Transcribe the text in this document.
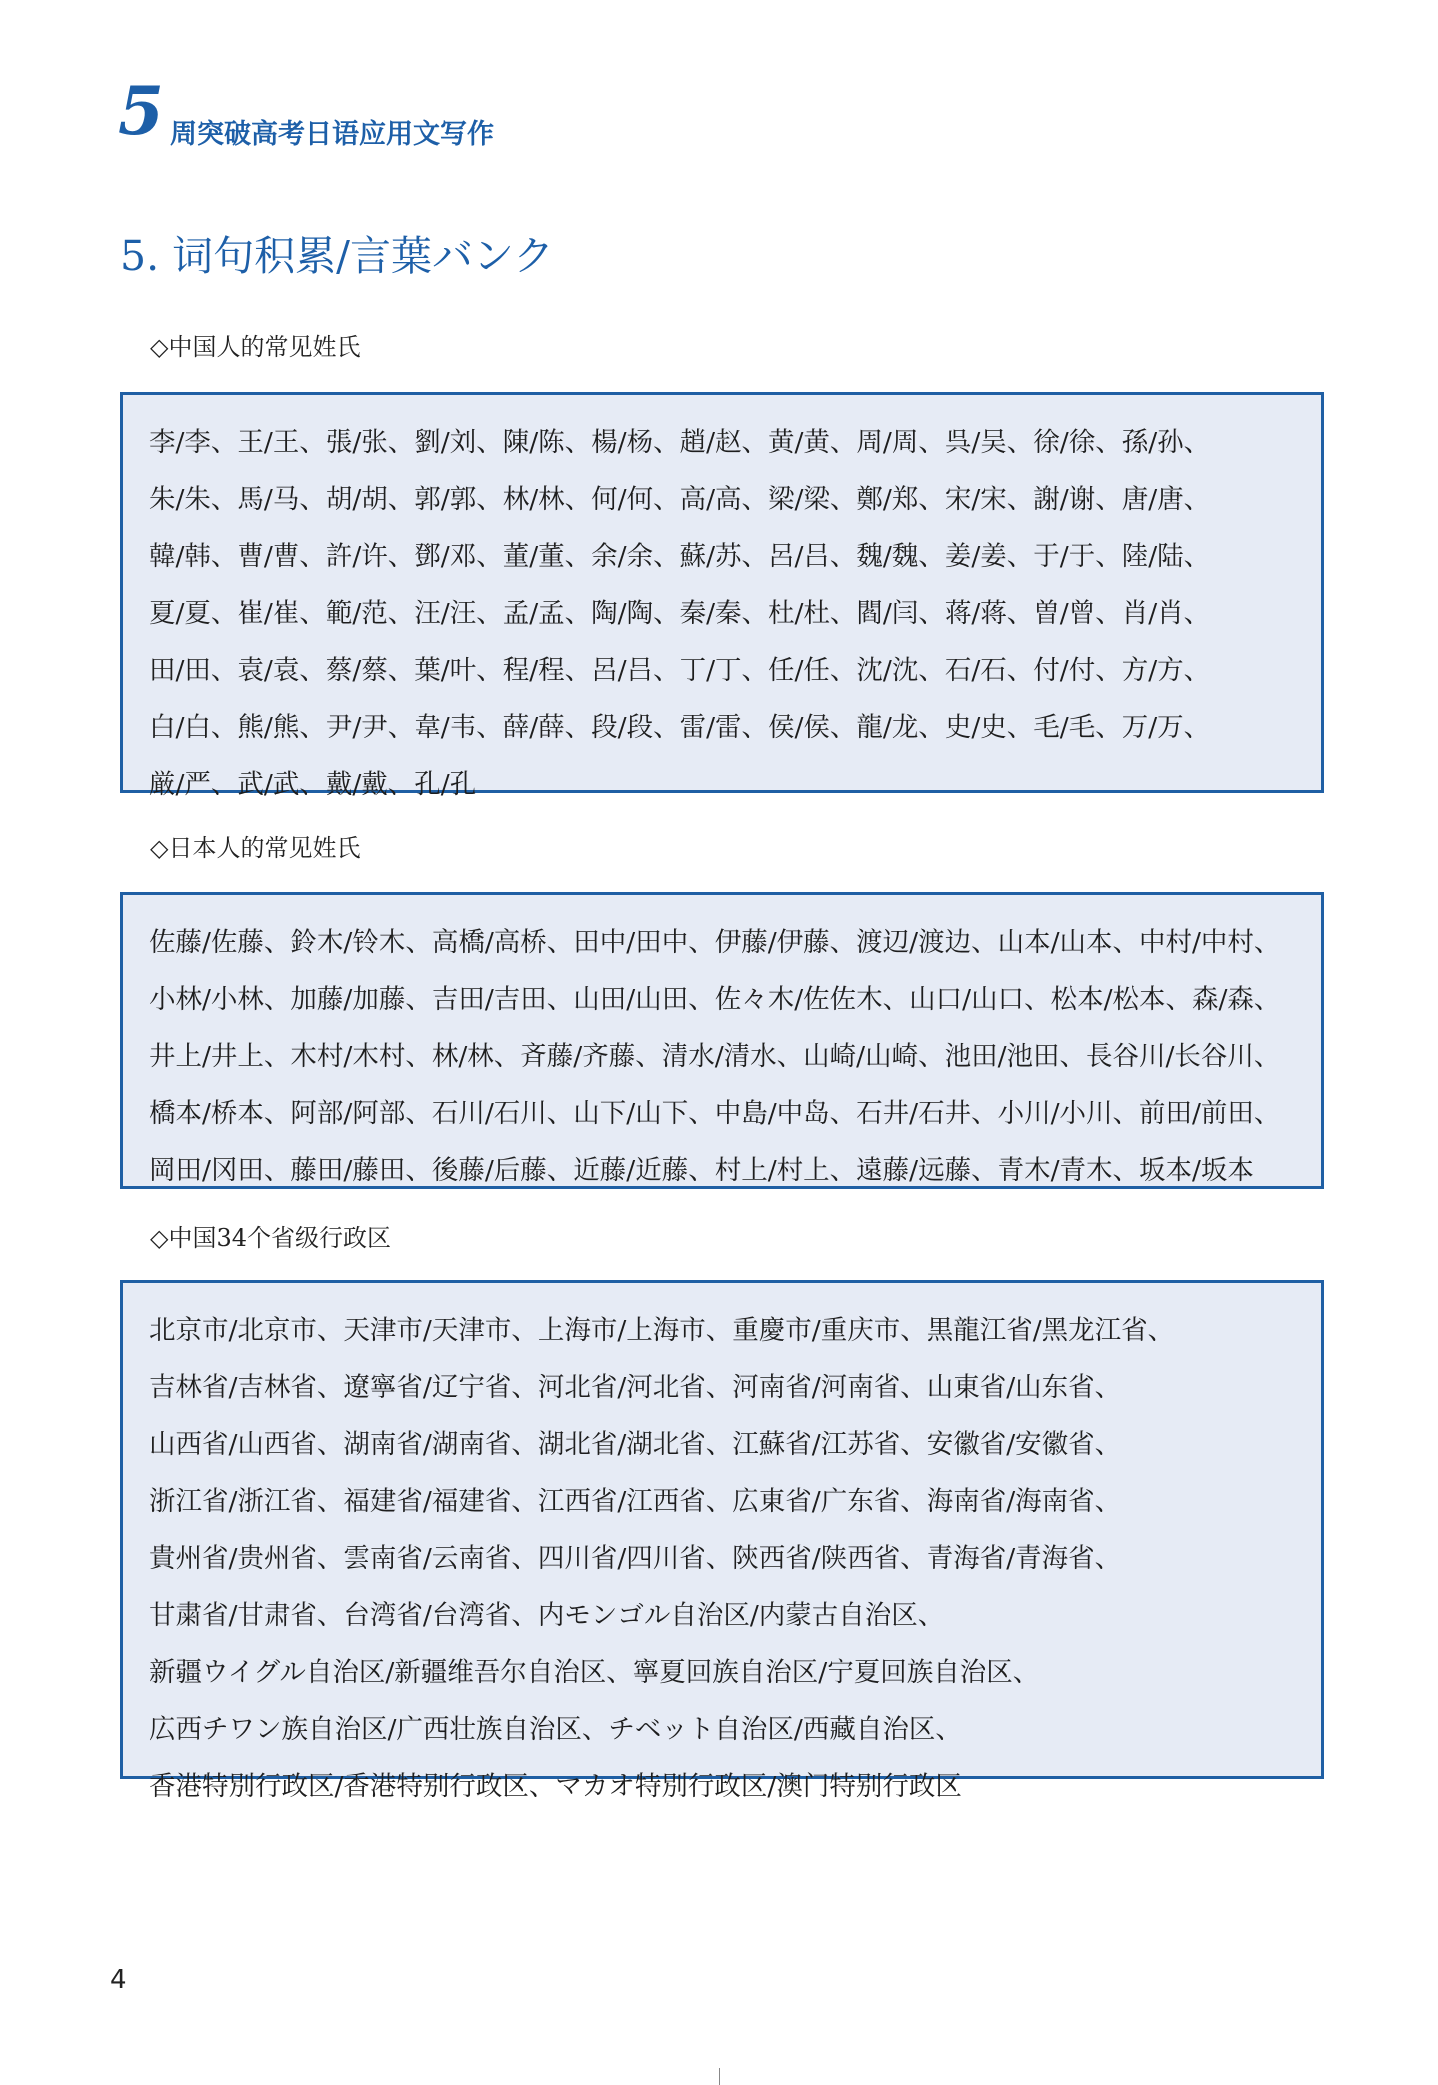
5 周突破高考日语应用文写作
5. 词句积累/言葉バンク
◇中国人的常见姓氏
李/李、王/王、張/张、劉/刘、陳/陈、楊/杨、趙/赵、黄/黄、周/周、呉/吴、徐/徐、孫/孙、
朱/朱、馬/马、胡/胡、郭/郭、林/林、何/何、高/高、梁/梁、鄭/郑、宋/宋、謝/谢、唐/唐、
韓/韩、曹/曹、許/许、鄧/邓、董/董、余/余、蘇/苏、呂/吕、魏/魏、姜/姜、于/于、陸/陆、
夏/夏、崔/崔、範/范、汪/汪、孟/孟、陶/陶、秦/秦、杜/杜、閻/闫、蒋/蒋、曽/曾、肖/肖、
田/田、袁/袁、蔡/蔡、葉/叶、程/程、呂/吕、丁/丁、任/任、沈/沈、石/石、付/付、方/方、
白/白、熊/熊、尹/尹、韋/韦、薛/薛、段/段、雷/雷、侯/侯、龍/龙、史/史、毛/毛、万/万、
厳/严、武/武、戴/戴、孔/孔
◇日本人的常见姓氏
佐藤/佐藤、鈴木/铃木、高橋/高桥、田中/田中、伊藤/伊藤、渡辺/渡边、山本/山本、中村/中村、
小林/小林、加藤/加藤、吉田/吉田、山田/山田、佐々木/佐佐木、山口/山口、松本/松本、森/森、
井上/井上、木村/木村、林/林、斉藤/齐藤、清水/清水、山崎/山崎、池田/池田、長谷川/长谷川、
橋本/桥本、阿部/阿部、石川/石川、山下/山下、中島/中岛、石井/石井、小川/小川、前田/前田、
岡田/冈田、藤田/藤田、後藤/后藤、近藤/近藤、村上/村上、遠藤/远藤、青木/青木、坂本/坂本
◇中国34个省级行政区
北京市/北京市、天津市/天津市、上海市/上海市、重慶市/重庆市、黒龍江省/黑龙江省、
吉林省/吉林省、遼寧省/辽宁省、河北省/河北省、河南省/河南省、山東省/山东省、
山西省/山西省、湖南省/湖南省、湖北省/湖北省、江蘇省/江苏省、安徽省/安徽省、
浙江省/浙江省、福建省/福建省、江西省/江西省、広東省/广东省、海南省/海南省、
貴州省/贵州省、雲南省/云南省、四川省/四川省、陝西省/陕西省、青海省/青海省、
甘粛省/甘肃省、台湾省/台湾省、内モンゴル自治区/内蒙古自治区、
新疆ウイグル自治区/新疆维吾尔自治区、寧夏回族自治区/宁夏回族自治区、
広西チワン族自治区/广西壮族自治区、チベット自治区/西藏自治区、
香港特別行政区/香港特别行政区、マカオ特別行政区/澳门特别行政区
4
